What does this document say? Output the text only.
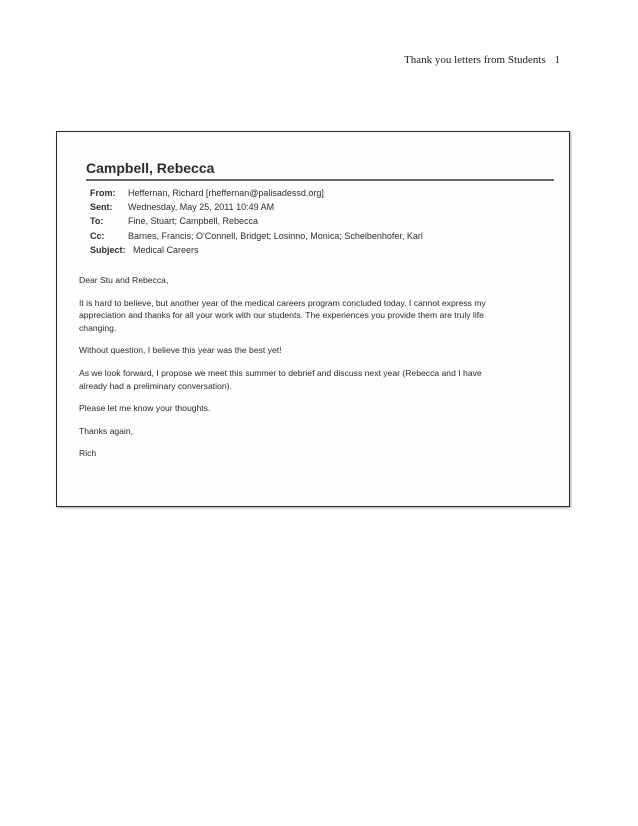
Thank you letters from Students 1
Campbell, Rebecca
From:	Heffernan, Richard [rheffernan@palisadessd.org]
Sent:	Wednesday, May 25, 2011 10:49 AM
To:	Fine, Stuart; Campbell, Rebecca
Cc:	Barnes, Francis; O'Connell, Bridget; Losinno, Monica; Scheibenhofer, Karl
Subject: Medical Careers

Dear Stu and Rebecca,

It is hard to believe, but another year of the medical careers program concluded today. I cannot express my
appreciation and thanks for all your work with our students. The experiences you provide them are truly life
changing.

Without question, I believe this year was the best yet!

As we look forward, I propose we meet this summer to debrief and discuss next year (Rebecca and I have
already had a preliminary conversation).

Please let me know your thoughts.

Thanks again,

Rich
